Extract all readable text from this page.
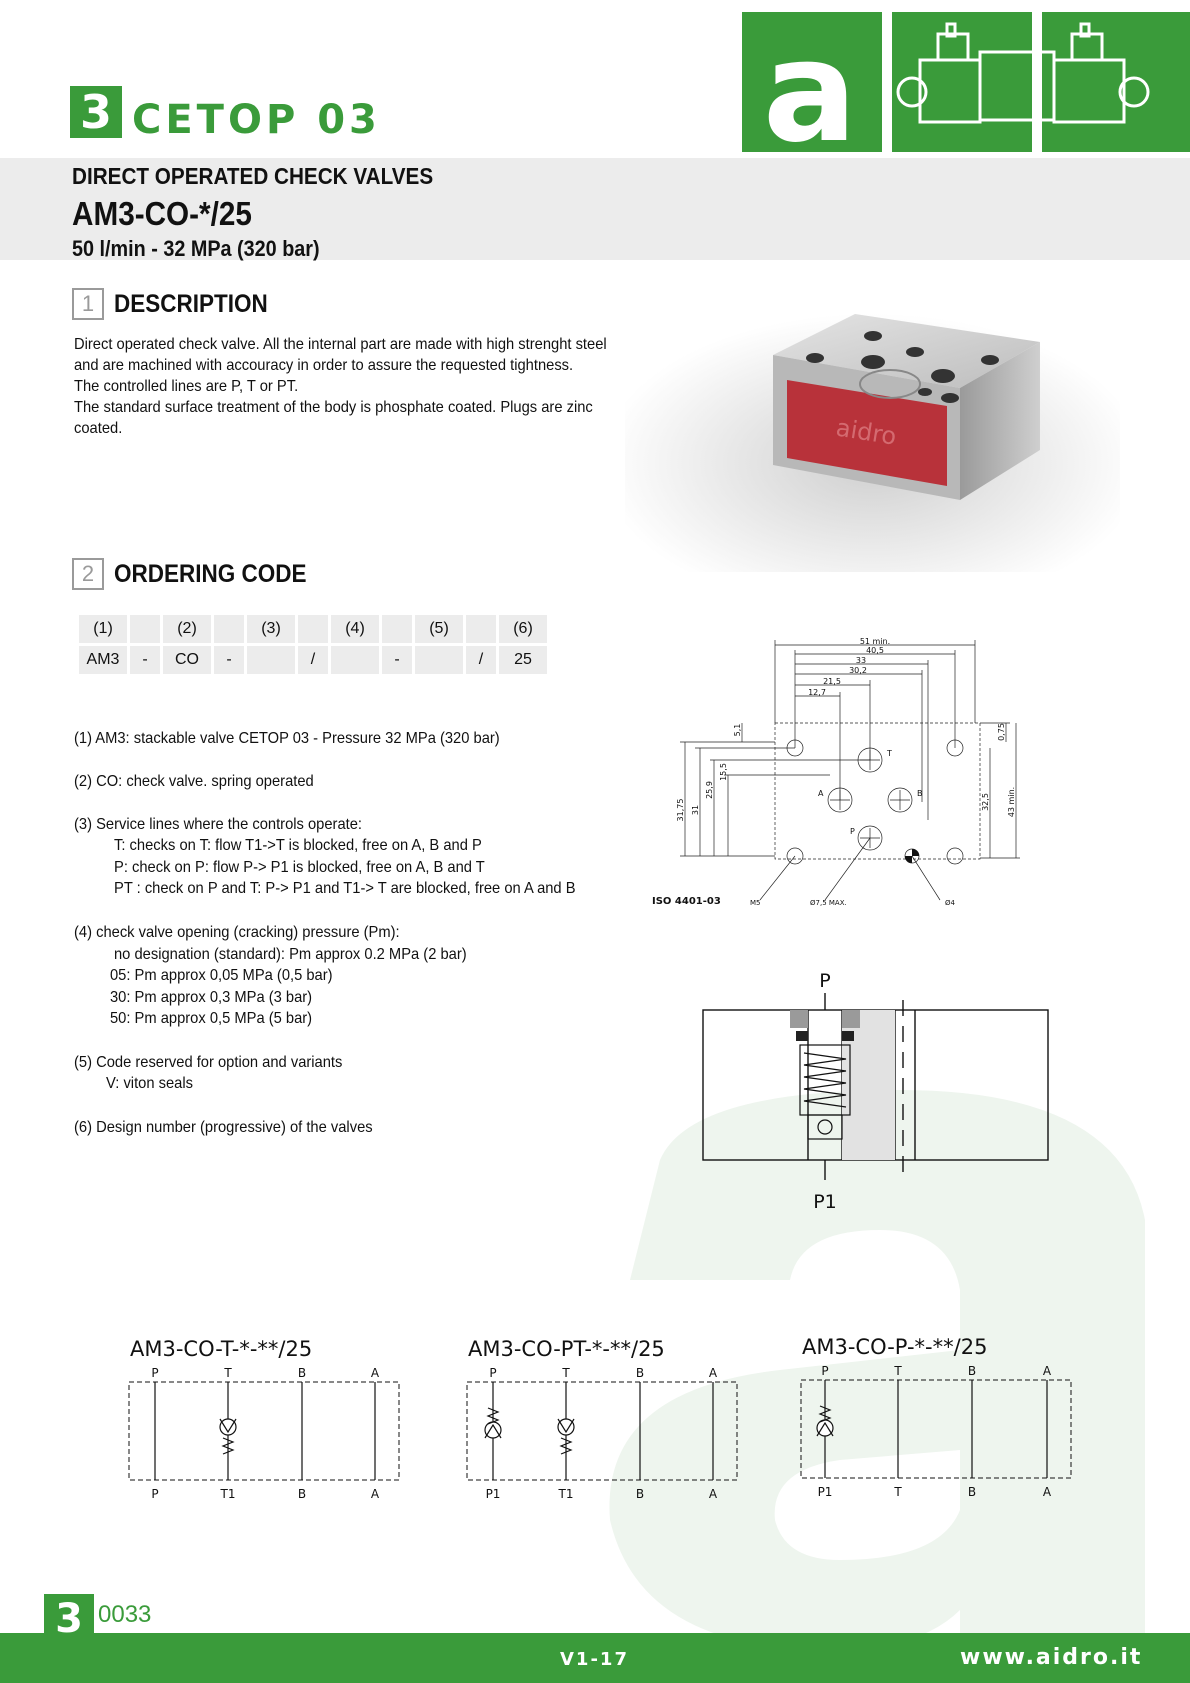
a
3 CETOP 03
DIRECT OPERATED CHECK VALVES
AM3-CO-*/25
50 l/min - 32 MPa (320 bar)
1 DESCRIPTION
Direct operated check valve. All the internal part are made with high strenght steel
and are machined with accouracy in order to assure the requested tightness.
The controlled lines are P, T or PT.
The standard surface treatment of the body is phosphate coated. Plugs are zinc
coated.	aidro
2 ORDERING CODE
(1)		(2)		(3)		(4)		(5)		(6)
AM3	-	CO	-		/		-		/	25
(1) AM3: stackable valve CETOP 03 - Pressure 32 MPa (320 bar)
(2) CO: check valve. spring operated
(3) Service lines where the controls operate:
T: checks on T: flow T1->T is blocked, free on A, B and P
P: check on P: flow P-> P1 is blocked, free on A, B and T
PT : check on P and T: P-> P1 and T1-> T are blocked, free on A and B
(4) check valve opening (cracking) pressure (Pm):
no designation (standard): Pm approx 0.2 MPa (2 bar)
05: Pm approx 0,05 MPa (0,5 bar)
30: Pm approx 0,3 MPa (3 bar)
50: Pm approx 0,5 MPa (5 bar)
(5) Code reserved for option and variants
V: viton seals
(6) Design number (progressive) of the valves
51 min.
40,5
33
30,2
21,5
12,7
31,75 31
25,9
15,5
5,1	0,75
32,5 43 min.
T
A	B
P
ISO 4401-03	M5	Ø7,5 MAX.	Ø4
P
P1
AM3-CO-T-*-**/25	AM3-CO-PT-*-**/25	AM3-CO-P-*-**/25
P	T	B	A
P	T1	B	A
P	T	B	A
P1	T1	B	A
P	T	B	A
P1	T	B	A
3 0033
V1-17	www.aidro.it
